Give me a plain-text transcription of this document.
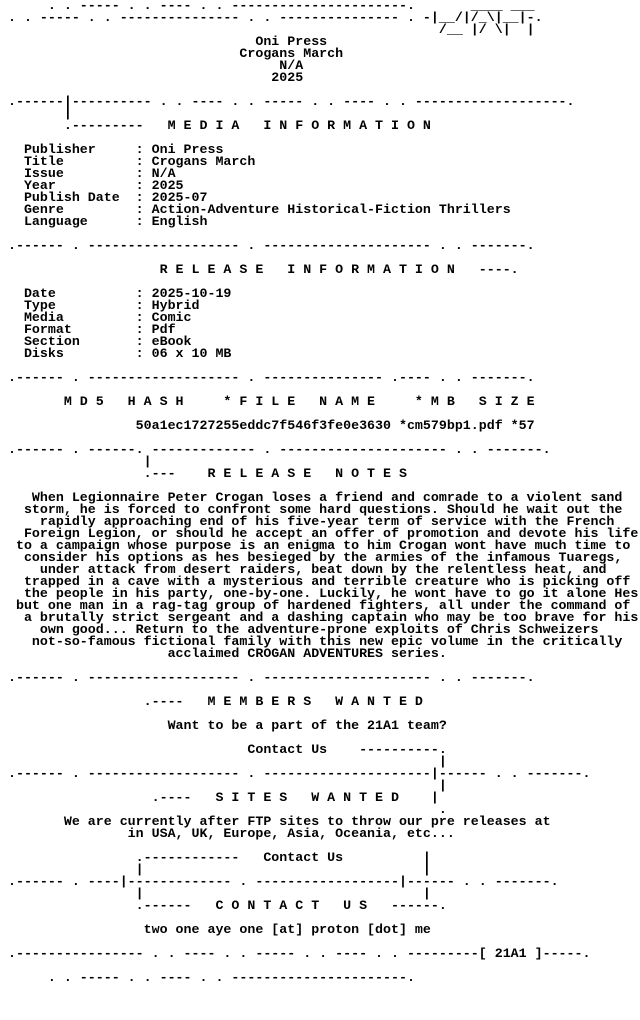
. . ----- . . ---- . . ----------------------.       ____ ___
. . ----- . . --------------- . . --------------- . -|__/|/_\|__|-.
/__ |/ \|  |
Oni Press
Crogans March
N/A
2025
.------|---------- . . ---- . . ----- . . ---- . . -------------------.
|
.---------   M E D I A   I N F O R M A T I O N
Publisher     : Oni Press
Title         : Crogans March
Issue         : N/A
Year          : 2025
Publish Date  : 2025-07
Genre         : Action-Adventure Historical-Fiction Thrillers
Language      : English
.------ . ------------------- . --------------------- . . -------.
R E L E A S E   I N F O R M A T I O N   ----.
Date          : 2025-10-19
Type          : Hybrid
Media         : Comic
Format        : Pdf
Section       : eBook
Disks         : 06 x 10 MB
.------ . ------------------- . --------------- .---- . . -------.
M D 5   H A S H     * F I L E   N A M E     * M B   S I Z E
50a1ec1727255eddc7f546f3fe0e3630 *cm579bp1.pdf *57
.------ . ------. ------------- . --------------------- . . -------.
|
.---    R E L E A S E   N O T E S
When Legionnaire Peter Crogan loses a friend and comrade to a violent sand
storm, he is forced to confront some hard questions. Should he wait out the
rapidly approaching end of his five-year term of service with the French
Foreign Legion, or should he accept an offer of promotion and devote his life
to a campaign whose purpose is an enigma to him Crogan wont have much time to
consider his options as hes besieged by the armies of the infamous Tuaregs,
under attack from desert raiders, beat down by the relentless heat, and
trapped in a cave with a mysterious and terrible creature who is picking off
the people in his party, one-by-one. Luckily, he wont have to go it alone Hes
but one man in a rag-tag group of hardened fighters, all under the command of
a brutally strict sergeant and a dashing captain who may be too brave for his
own good... Return to the adventure-prone exploits of Chris Schweizers
not-so-famous fictional family with this new epic volume in the critically
acclaimed CROGAN ADVENTURES series.
.------ . ------------------- . --------------------- . . -------.
.----   M E M B E R S   W A N T E D
Want to be a part of the 21A1 team?
Contact Us    ----------.
|
.------ . ------------------- . ---------------------|------ . . -------.
|
.----   S I T E S   W A N T E D    |
.
We are currently after FTP sites to throw our pre releases at
in USA, UK, Europe, Asia, Oceania, etc...
.------------   Contact Us          |
|                                   |
.------ . ----|------------- . ------------------|------ . . -------.
|                                   |
.------   C O N T A C T   U S   ------.
two one aye one [at] proton [dot] me
.---------------- . . ---- . . ----- . . ---- . . ---------[ 21A1 ]-----.
. . ----- . . ---- . . ----------------------.
